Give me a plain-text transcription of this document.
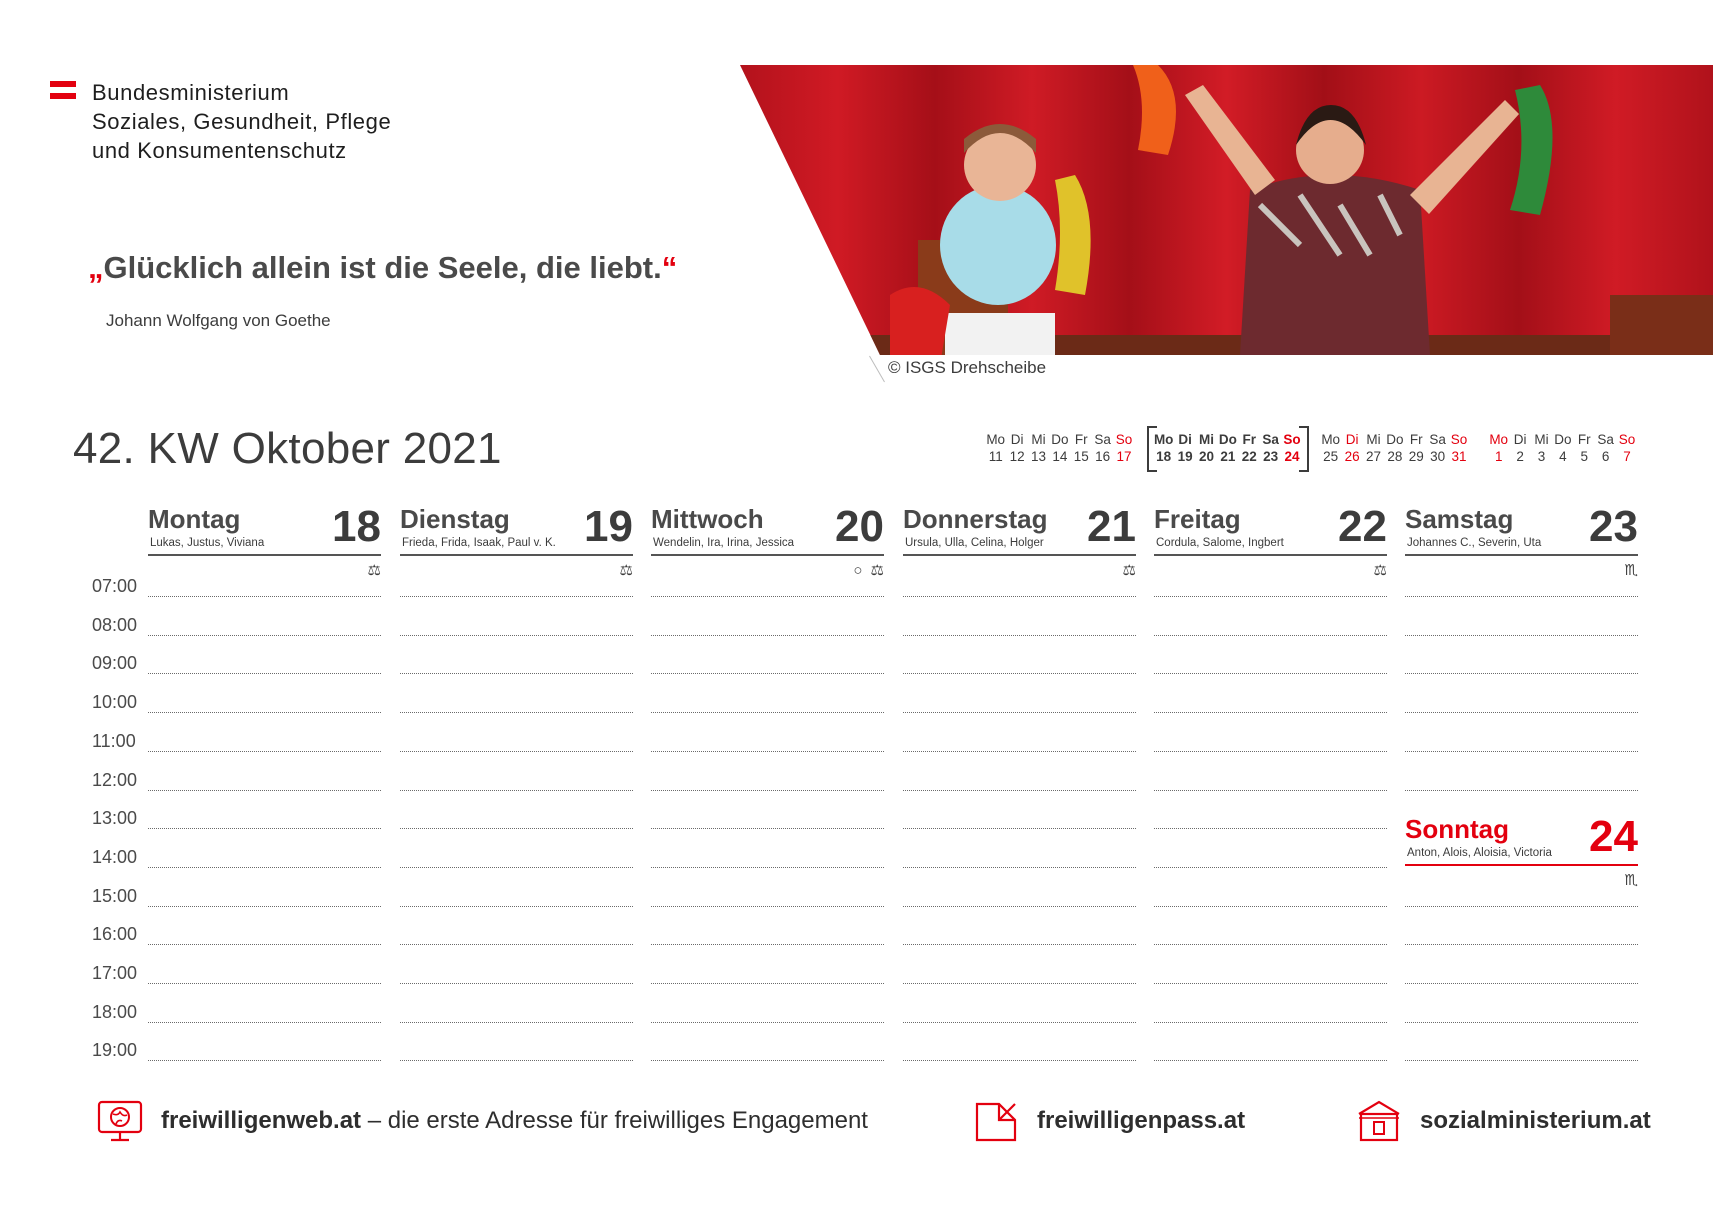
Bundesministerium
Soziales, Gesundheit, Pflege
und Konsumentenschutz
„Glücklich allein ist die Seele, die liebt.“
Johann Wolfgang von Goethe
© ISGS Drehscheibe
42. KW Oktober 2021	Mo Di Mi Do Fr Sa So
11 12 13 14 15 16 17
Mo Di Mi Do Fr Sa So
18 19 20 21 22 23 24
Mo Di Mi Do Fr Sa So
25 26 27 28 29 30 31
Mo Di Mi Do Fr Sa So
1	2	3	4	5	6	7
Montag
Lukas, Justus, Viviana 18
⚖
Dienstag
Frieda, Frida, Isaak, Paul v. K. 19
⚖
Mittwoch
Wendelin, Ira, Irina, Jessica 20
○ ⚖
Donnerstag
Ursula, Ulla, Celina, Holger 21
⚖
Freitag
Cordula, Salome, Ingbert 22
⚖
Samstag
Johannes C., Severin, Uta 23
♏
Sonntag
Anton, Alois, Aloisia, Victoria 24
♏
07:00
08:00
09:00
10:00
11:00
12:00
13:00
14:00
15:00
16:00
17:00
18:00
19:00
freiwilligenweb.at – die erste Adresse für freiwilliges Engagement	freiwilligenpass.at	sozialministerium.at
